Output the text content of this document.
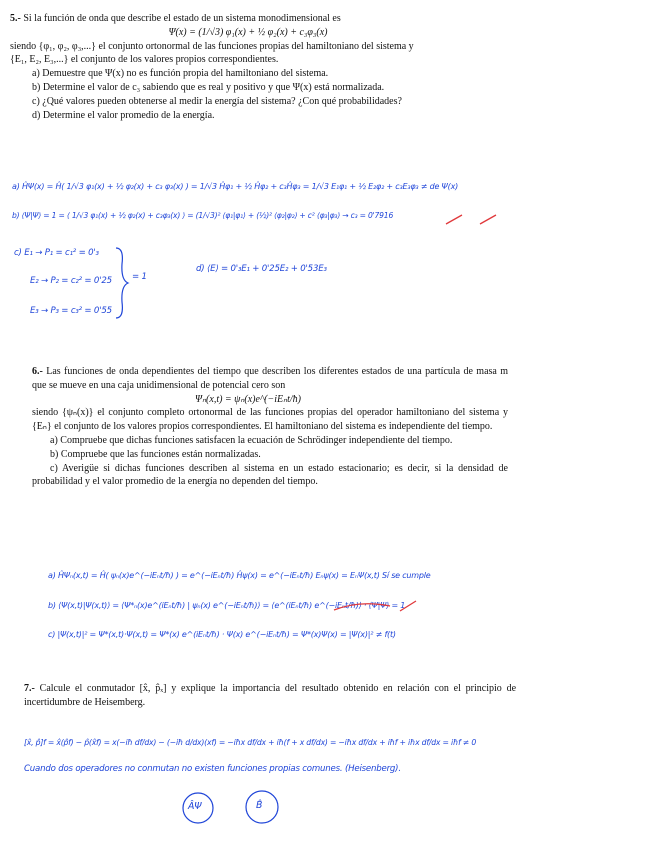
5.- Si la función de onda que describe el estado de un sistema monodimensional es

Ψ(x) = (1/√3) φ₁(x) + ½ φ₂(x) + c₃φ₃(x)

siendo {φ₁, φ₂, φ₃,...} el conjunto ortonormal de las funciones propias del hamiltoniano del sistema y

{E₁, E₂, E₃,...} el conjunto de los valores propios correspondientes.

a) Demuestre que Ψ(x) no es función propia del hamiltoniano del sistema.

b) Determine el valor de c₃ sabiendo que es real y positivo y que Ψ(x) está normalizada.

c) ¿Qué valores pueden obtenerse al medir la energía del sistema? ¿Con qué probabilidades?

d) Determine el valor promedio de la energía.

a) ĤΨ(x) = Ĥ( 1/√3 φ₁(x) + ½ φ₂(x) + c₃ φ₃(x) ) = 1/√3 Ĥφ₁ + ½ Ĥφ₂ + c₃Ĥφ₃ = 1/√3 E₁φ₁ + ½ E₂φ₂ + c₃E₃φ₃ ≠ de Ψ(x)
b) ⟨Ψ|Ψ⟩ = 1 = ⟨ 1/√3 φ₁(x) + ½ φ₂(x) + c₃φ₃(x) ⟩ = (1/√3)² ⟨φ₁|φ₁⟩ + (½)² ⟨φ₂|φ₂⟩ + c² ⟨φ₃|φ₃⟩ → c₃ = 0'7916
c) E₁ → P₁ = c₁² = 0'₃
E₂ → P₂ = c₂² = 0'25
E₃ → P₃ = c₃² = 0'55
= 1
d) ⟨E⟩ = 0'₃E₁ + 0'25E₂ + 0'53E₃

6.- Las funciones de onda dependientes del tiempo que describen los diferentes estados de una partícula de masa m que se mueve en una caja unidimensional de potencial cero son

Ψₙ(x,t) = ψₙ(x)e^(−iEₙt/ħ)

siendo {ψₙ(x)} el conjunto completo ortonormal de las funciones propias del operador hamiltoniano del sistema y {Eₙ} el conjunto de los valores propios correspondientes. El hamiltoniano del sistema es independiente del tiempo.

a) Compruebe que dichas funciones satisfacen la ecuación de Schrödinger independiente del tiempo.

b) Compruebe que las funciones están normalizadas.

c) Averigüe si dichas funciones describen al sistema en un estado estacionario; es decir, si la densidad de probabilidad y el valor promedio de la energía no dependen del tiempo.

a) ĤΨₙ(x,t) = Ĥ( ψₙ(x)e^(−iEₙt/ħ) ) = e^(−iEₙt/ħ) Ĥψ(x) = e^(−iEₙt/ħ) Eₙψ(x) = EₙΨ(x,t) Sí se cumple
b) ⟨Ψ(x,t)|Ψ(x,t)⟩ = ⟨Ψ*ₙ(x)e^(iEₙt/ħ) | ψₙ(x) e^(−iEₙt/ħ)⟩ = ⟨e^(iEₙt/ħ) e^(−iEₙt/ħ)⟩ · ⟨Ψ|Ψ⟩ = 1
c) |Ψ(x,t)|² = Ψ*(x,t)·Ψ(x,t) = Ψ*(x) e^(iEₙt/ħ) · Ψ(x) e^(−iEₙt/ħ) = Ψ*(x)Ψ(x) = |Ψ(x)|² ≠ f(t)

7.- Calcule el conmutador [x̂, p̂ₓ] y explique la importancia del resultado obtenido en relación con el principio de incertidumbre de Heisemberg.

[x̂, p̂]f = x̂(p̂f) − p̂(x̂f) = x(−iħ df/dx) − (−iħ d/dx)(xf) = −iħx df/dx + iħ(f + x df/dx) = −iħx df/dx + iħf + iħx df/dx = iħf ≠ 0
Cuando dos operadores no conmutan no existen funciones propias comunes. (Heisenberg).
ÂΨ	B̂
